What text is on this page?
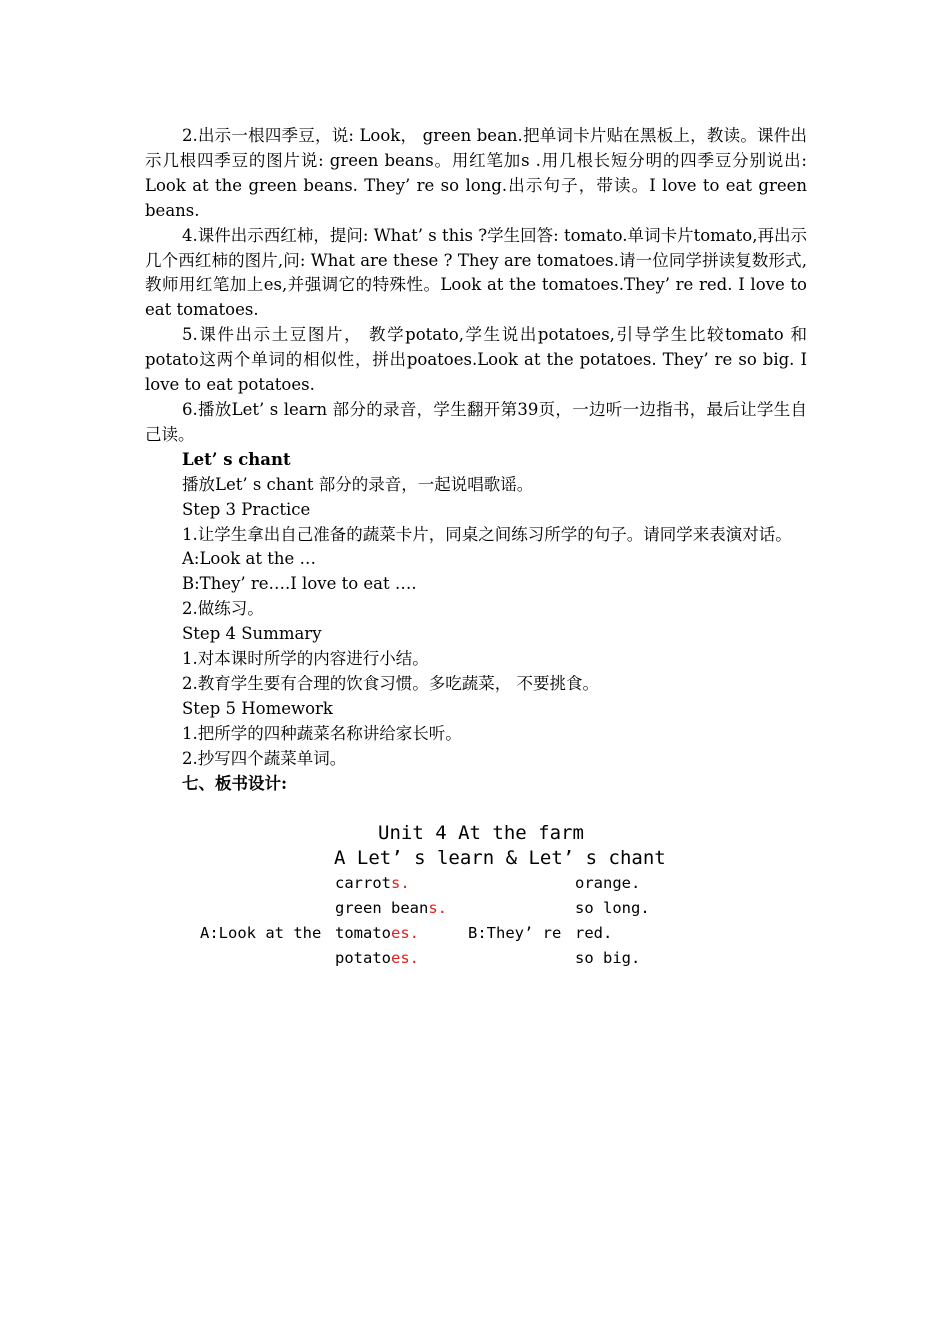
2.出示一根四季豆，说: Look， green bean.把单词卡片贴在黑板上，教读。课件出示几根四季豆的图片说: green beans。用红笔加s .用几根长短分明的四季豆分别说出: Look at the green beans. They’ re so long.出示句子，带读。I love to eat green beans.

4.课件出示西红柿，提问: What’ s this ?学生回答: tomato.单词卡片tomato,再出示几个西红柿的图片,问: What are these ? They are tomatoes.请一位同学拼读复数形式,教师用红笔加上es,并强调它的特殊性。Look at the tomatoes.They’ re red. I love to eat tomatoes.

5.课件出示土豆图片， 教学potato,学生说出potatoes,引导学生比较tomato 和potato这两个单词的相似性，拼出poatoes.Look at the potatoes. They’ re so big. I love to eat potatoes.

6.播放Let’ s learn 部分的录音，学生翻开第39页，一边听一边指书，最后让学生自己读。

Let’ s chant

播放Let’ s chant 部分的录音，一起说唱歌谣。

Step 3 Practice

1.让学生拿出自己准备的蔬菜卡片，同桌之间练习所学的句子。请同学来表演对话。

A:Look at the …

B:They’ re….I love to eat ….

2.做练习。

Step 4 Summary

1.对本课时所学的内容进行小结。

2.教育学生要有合理的饮食习惯。多吃蔬菜， 不要挑食。

Step 5 Homework

1.把所学的四种蔬菜名称讲给家长听。

2.抄写四个蔬菜单词。

七、板书设计:

Unit 4 At the farm
A Let’ s learn & Let’ s chant
carrots.
green beans.
A:Look at the tomatoes.	B:They’ re
potatoes.
orange.
so long.
red.
so big.
